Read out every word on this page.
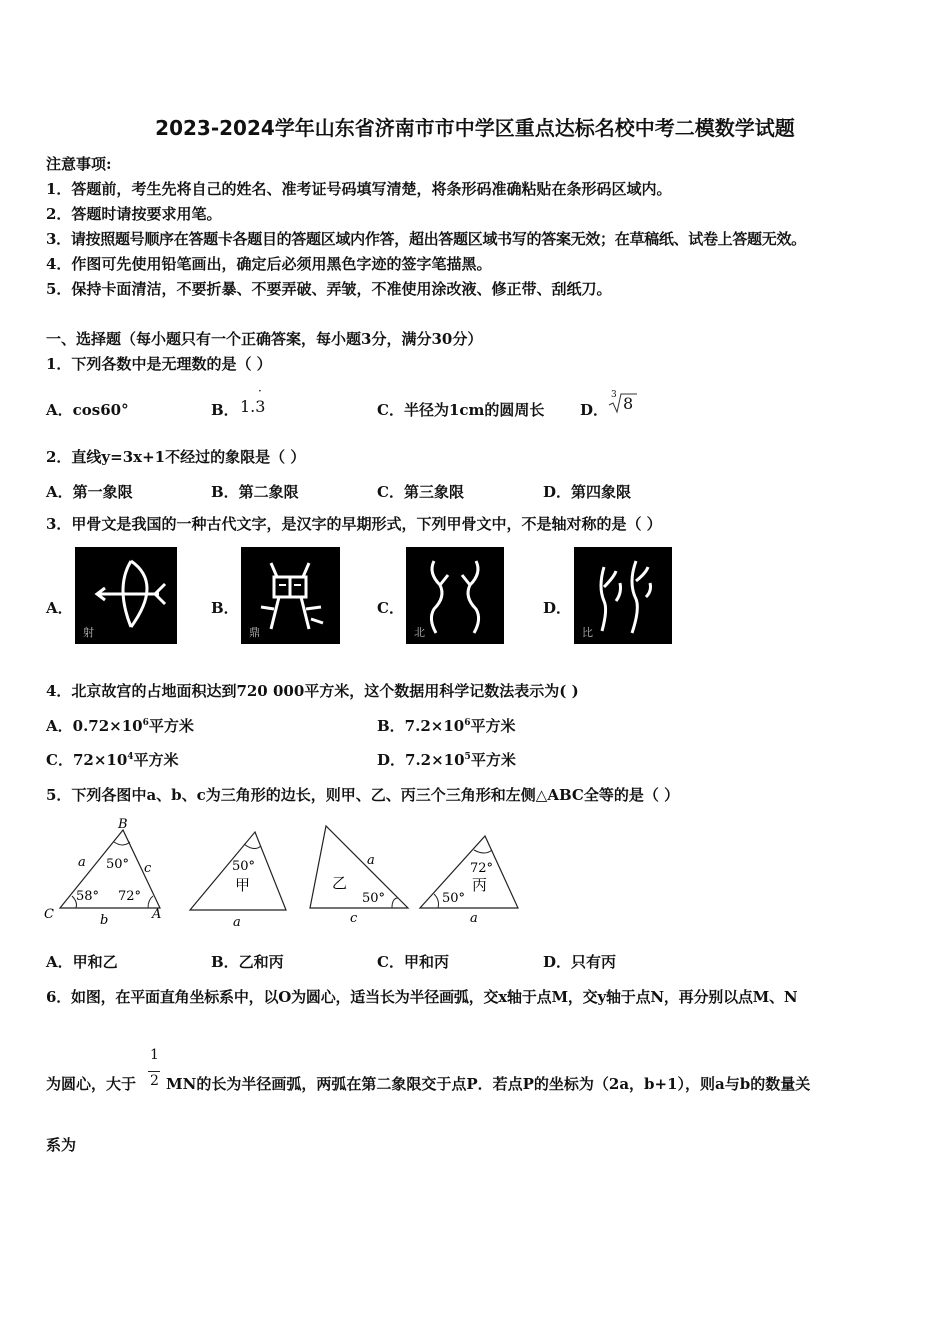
2023-2024学年山东省济南市市中学区重点达标名校中考二模数学试题
注意事项:
1．答题前，考生先将自己的姓名、准考证号码填写清楚，将条形码准确粘贴在条形码区域内。
2．答题时请按要求用笔。
3．请按照题号顺序在答题卡各题目的答题区域内作答，超出答题区域书写的答案无效；在草稿纸、试卷上答题无效。
4．作图可先使用铅笔画出，确定后必须用黑色字迹的签字笔描黑。
5．保持卡面清洁，不要折暴、不要弄破、弄皱，不准使用涂改液、修正带、刮纸刀。
一、选择题（每小题只有一个正确答案，每小题3分，满分30分）
1．下列各数中是无理数的是（ ）
A．cos60°	B． 1.3
·
C．半径为1cm的圆周长 D．
3 8
2．直线y=3x+1不经过的象限是（ ）
A．第一象限	B．第二象限	C．第三象限	D．第四象限
3．甲骨文是我国的一种古代文字，是汉字的早期形式，下列甲骨文中，不是轴对称的是（ ）
A．	B．	C．	D．
射	鼎	北	比
4．北京故宫的占地面积达到720 000平方米，这个数据用科学记数法表示为( )
A．$0.72\times 10^6$平方米	B．$7.2\times 10^6$平方米
C．$72\times 10^4$平方米	D．$7.2\times 10^5$平方米
5．下列各图中a、b、c为三角形的边长，则甲、乙、丙三个三角形和左侧△ABC全等的是（ ）
B
C	A
a	c
b
50°
58° 72°
50°
甲
a
乙
a
50°
c
72°
丙
50°
a
A．甲和乙	B．乙和丙	C．甲和丙	D．只有丙
6．如图，在平面直角坐标系中，以O为圆心，适当长为半径画弧，交x轴于点M，交y轴于点N，再分别以点M、N
为圆心，大于
1
2 MN的长为半径画弧，两弧在第二象限交于点P．若点P的坐标为（2a，b+1），则a与b的数量关
系为
